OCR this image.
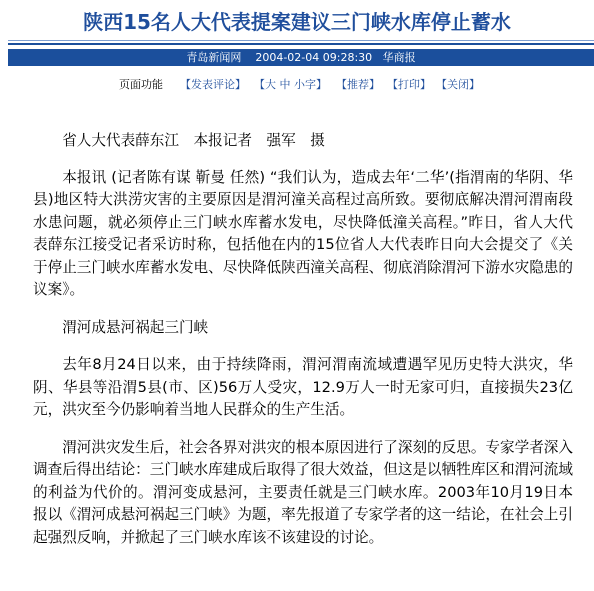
陕西15名人大代表提案建议三门峡水库停止蓄水
青岛新闻网 2004-02-04 09:28:30 华商报
页面功能 【发表评论】 【大 中 小字】 【推荐】 【打印】 【关闭】

省人大代表薛东江　本报记者　强军　摄

本报讯 (记者陈有谋 靳曼 任然) “我们认为，造成去年‘二华’(指渭南的华阴、华县)地区特大洪涝灾害的主要原因是渭河潼关高程过高所致。要彻底解决渭河渭南段水患问题，就必须停止三门峡水库蓄水发电，尽快降低潼关高程。”昨日，省人大代表薛东江接受记者采访时称，包括他在内的15位省人大代表昨日向大会提交了《关于停止三门峡水库蓄水发电、尽快降低陕西潼关高程、彻底消除渭河下游水灾隐患的议案》。

渭河成悬河祸起三门峡

去年8月24日以来，由于持续降雨，渭河渭南流域遭遇罕见历史特大洪灾，华阴、华县等沿渭5县(市、区)56万人受灾，12.9万人一时无家可归，直接损失23亿元，洪灾至今仍影响着当地人民群众的生产生活。

渭河洪灾发生后，社会各界对洪灾的根本原因进行了深刻的反思。专家学者深入调查后得出结论：三门峡水库建成后取得了很大效益，但这是以牺牲库区和渭河流域的利益为代价的。渭河变成悬河，主要责任就是三门峡水库。2003年10月19日本报以《渭河成悬河祸起三门峡》为题，率先报道了专家学者的这一结论，在社会上引起强烈反响，并掀起了三门峡水库该不该建设的讨论。
